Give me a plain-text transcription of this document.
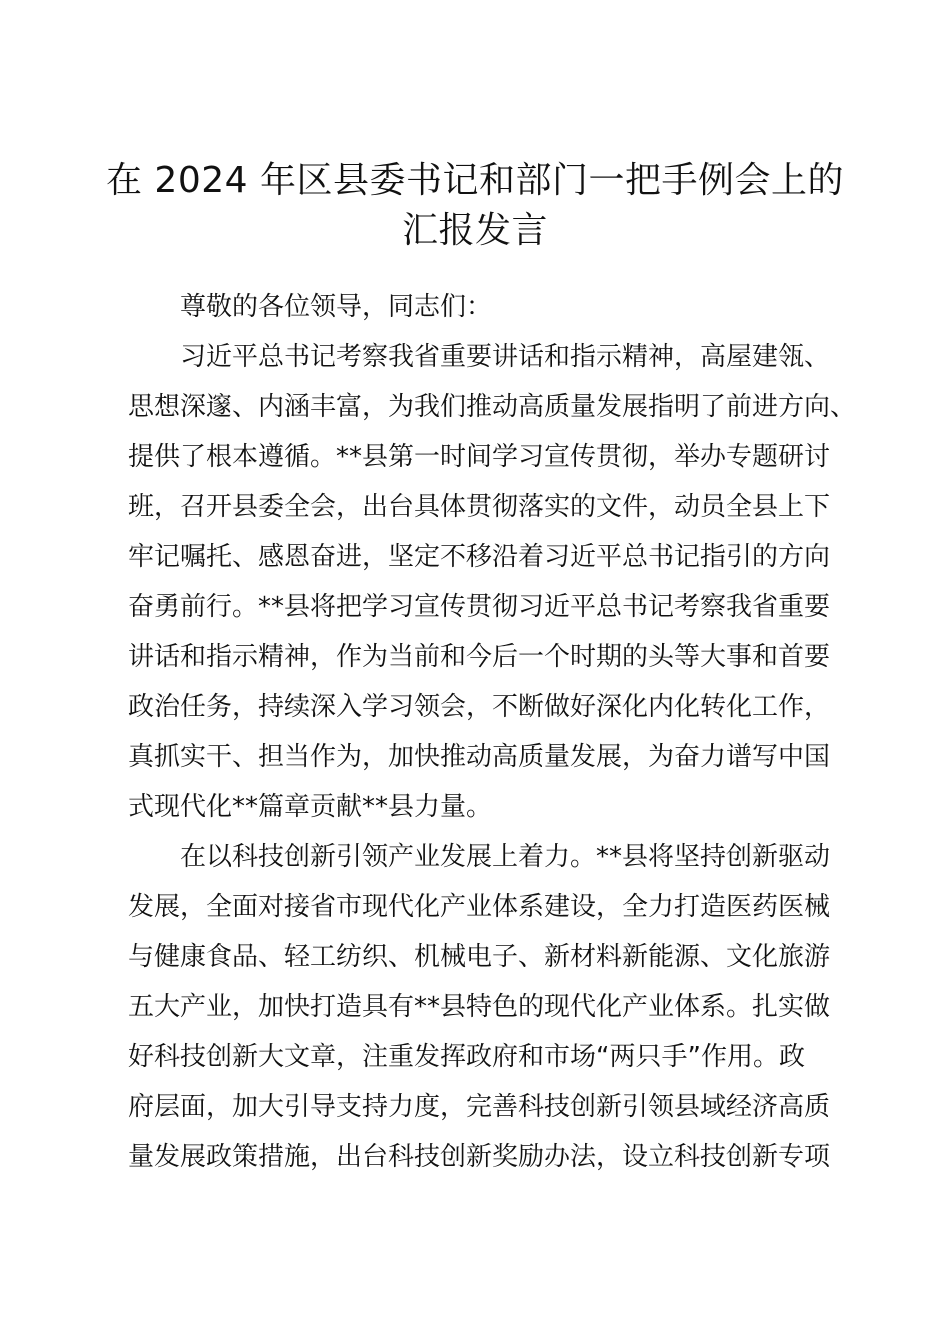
在 2024 年区县委书记和部门一把手例会上的
汇报发言
尊敬的各位领导，同志们：
习近平总书记考察我省重要讲话和指示精神，高屋建瓴、
思想深邃、内涵丰富，为我们推动高质量发展指明了前进方向、
提供了根本遵循。**县第一时间学习宣传贯彻，举办专题研讨
班，召开县委全会，出台具体贯彻落实的文件，动员全县上下
牢记嘱托、感恩奋进，坚定不移沿着习近平总书记指引的方向
奋勇前行。**县将把学习宣传贯彻习近平总书记考察我省重要
讲话和指示精神，作为当前和今后一个时期的头等大事和首要
政治任务，持续深入学习领会，不断做好深化内化转化工作，
真抓实干、担当作为，加快推动高质量发展，为奋力谱写中国
式现代化**篇章贡献**县力量。
在以科技创新引领产业发展上着力。**县将坚持创新驱动
发展，全面对接省市现代化产业体系建设，全力打造医药医械
与健康食品、轻工纺织、机械电子、新材料新能源、文化旅游
五大产业，加快打造具有**县特色的现代化产业体系。扎实做
好科技创新大文章，注重发挥政府和市场“两只手”作用。政
府层面，加大引导支持力度，完善科技创新引领县域经济高质
量发展政策措施，出台科技创新奖励办法，设立科技创新专项
